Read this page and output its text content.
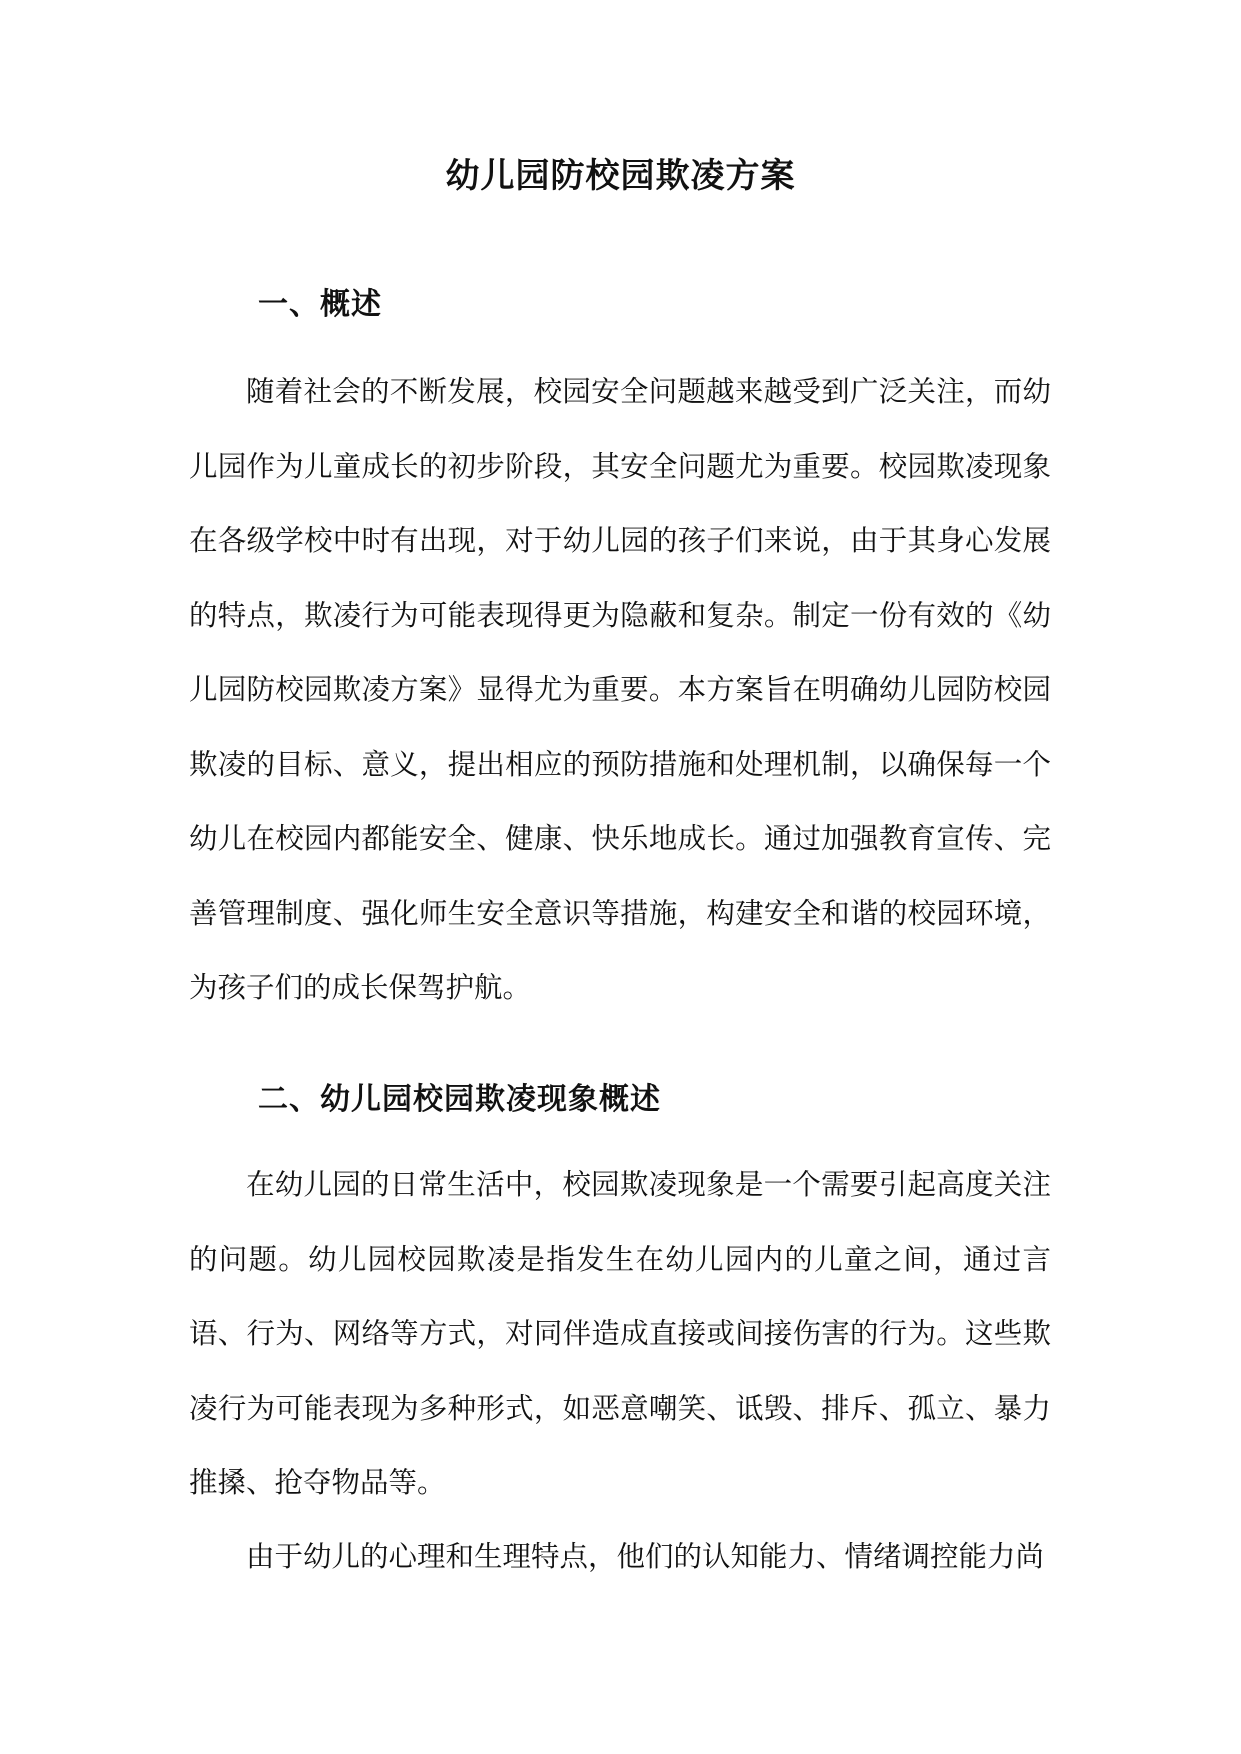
幼儿园防校园欺凌方案
一、概述

随着社会的不断发展，校园安全问题越来越受到广泛关注，而幼儿园作为儿童成长的初步阶段，其安全问题尤为重要。校园欺凌现象在各级学校中时有出现，对于幼儿园的孩子们来说，由于其身心发展的特点，欺凌行为可能表现得更为隐蔽和复杂。制定一份有效的《幼儿园防校园欺凌方案》显得尤为重要。本方案旨在明确幼儿园防校园欺凌的目标、意义，提出相应的预防措施和处理机制，以确保每一个幼儿在校园内都能安全、健康、快乐地成长。通过加强教育宣传、完善管理制度、强化师生安全意识等措施，构建安全和谐的校园环境，为孩子们的成长保驾护航。

二、幼儿园校园欺凌现象概述

在幼儿园的日常生活中，校园欺凌现象是一个需要引起高度关注的问题。幼儿园校园欺凌是指发生在幼儿园内的儿童之间，通过言语、行为、网络等方式，对同伴造成直接或间接伤害的行为。这些欺凌行为可能表现为多种形式，如恶意嘲笑、诋毁、排斥、孤立、暴力推搡、抢夺物品等。

由于幼儿的心理和生理特点，他们的认知能力、情绪调控能力尚
